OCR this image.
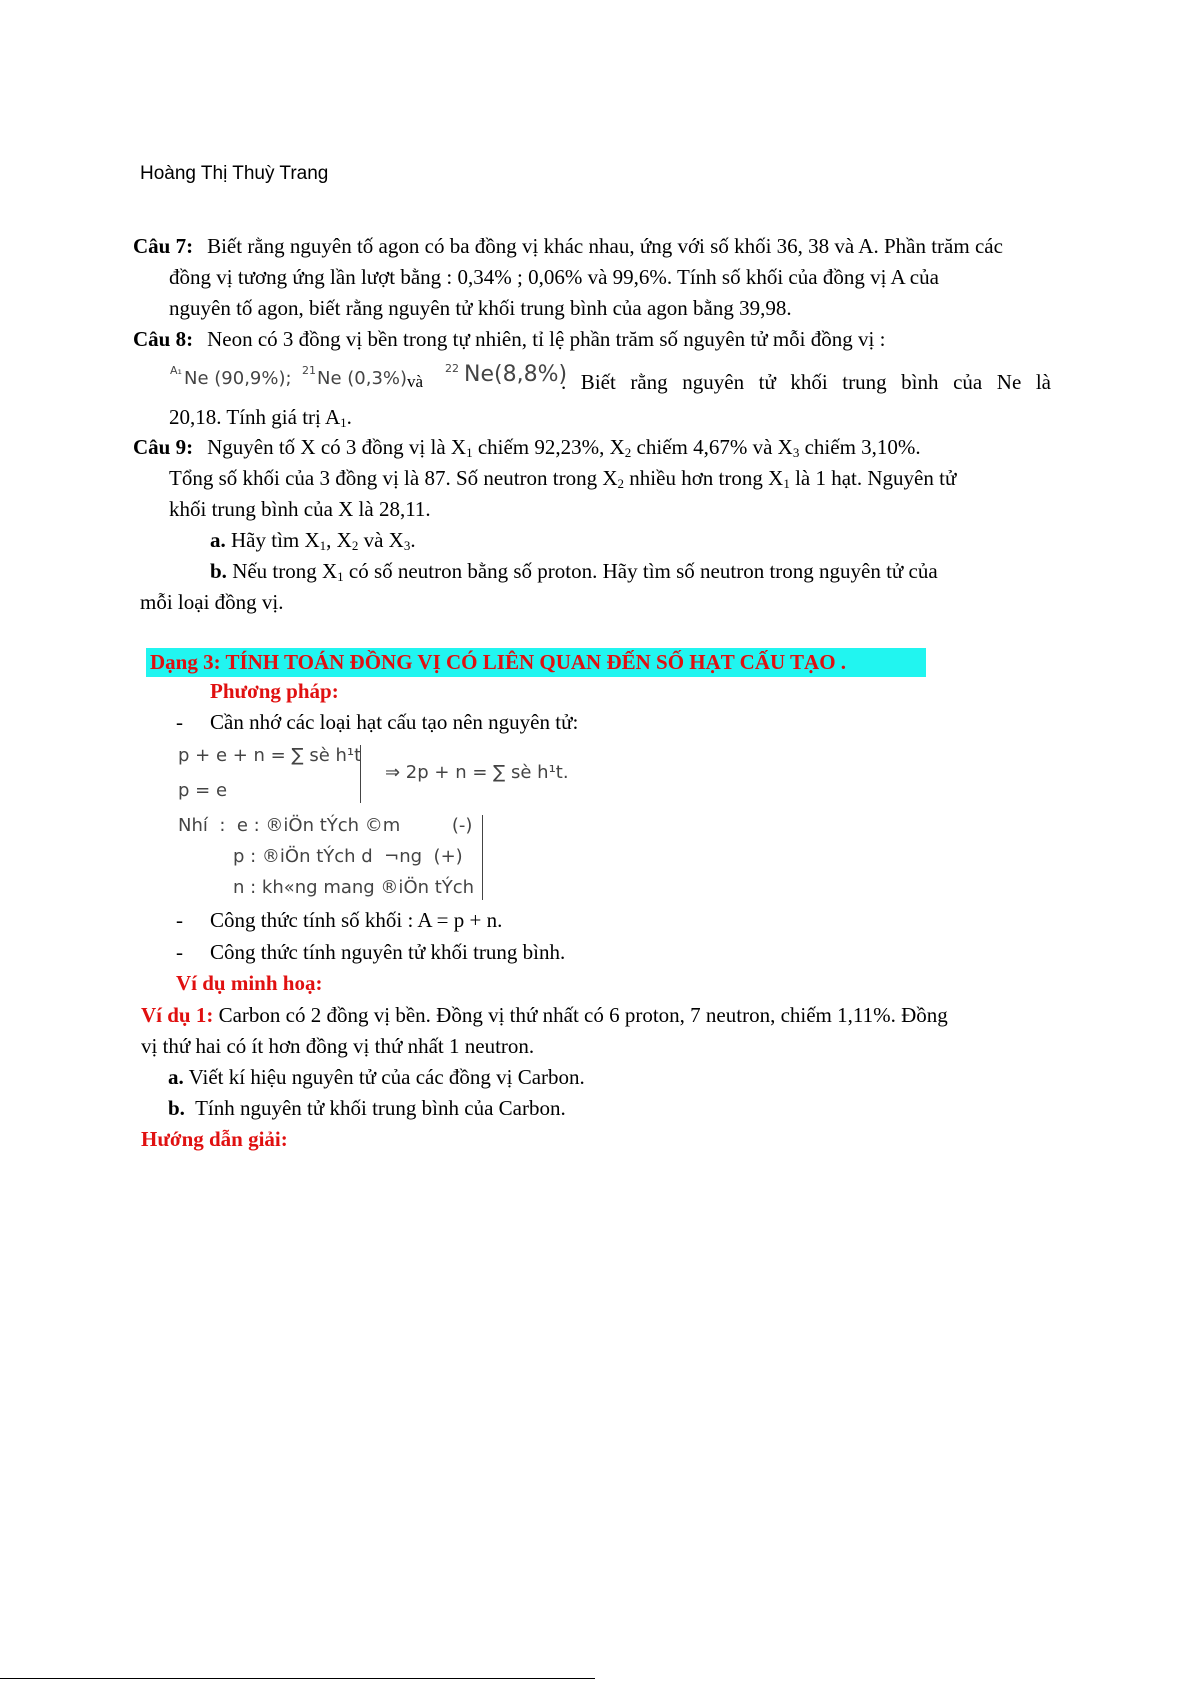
Hoàng Thị Thuỳ Trang

Câu 7: Biết rằng nguyên tố agon có ba đồng vị khác nhau, ứng với số khối 36, 38 và A. Phần trăm các

đồng vị tương ứng lần lượt bằng : 0,34% ; 0,06% và 99,6%. Tính số khối của đồng vị A của

nguyên tố agon, biết rằng nguyên tử khối trung bình của agon bằng 39,98.

Câu 8: Neon có 3 đồng vị bền trong tự nhiên, tỉ lệ phần trăm số nguyên tử mỗi đồng vị :

A₁ Ne (90,9%); 21 Ne (0,3%) và
22 Ne(8,8%)
. Biết rằng nguyên tử khối trung bình của Ne là

20,18. Tính giá trị $A_1$.

Câu 9: Nguyên tố X có 3 đồng vị là $X_1$ chiếm 92,23%, $X_2$ chiếm 4,67% và $X_3$ chiếm 3,10%.

Tổng số khối của 3 đồng vị là 87. Số neutron trong $X_2$ nhiều hơn trong $X_1$ là 1 hạt. Nguyên tử

khối trung bình của X là 28,11.

a. Hãy tìm $X_1$, $X_2$ và $X_3$.

b. Nếu trong $X_1$ có số neutron bằng số proton. Hãy tìm số neutron trong nguyên tử của

mỗi loại đồng vị.

Dạng 3: TÍNH TOÁN ĐỒNG VỊ CÓ LIÊN QUAN ĐẾN SỐ HẠT CẤU TẠO .
Phương pháp:
- Cần nhớ các loại hạt cấu tạo nên nguyên tử:
p + e + n = ∑ sè h¹t
p = e
⇒ 2p + n = ∑ sè h¹t.
Nhí  :  e : ®iÖn tÝch ©m         (-)
p : ®iÖn tÝch d  ¬ng  (+)
n : kh«ng mang ®iÖn tÝch
- Công thức tính số khối : A = p + n.
- Công thức tính nguyên tử khối trung bình.
Ví dụ minh hoạ:

Ví dụ 1: Carbon có 2 đồng vị bền. Đồng vị thứ nhất có 6 proton, 7 neutron, chiếm 1,11%. Đồng

vị thứ hai có ít hơn đồng vị thứ nhất 1 neutron.

a. Viết kí hiệu nguyên tử của các đồng vị Carbon.

b. Tính nguyên tử khối trung bình của Carbon.

Hướng dẫn giải:
